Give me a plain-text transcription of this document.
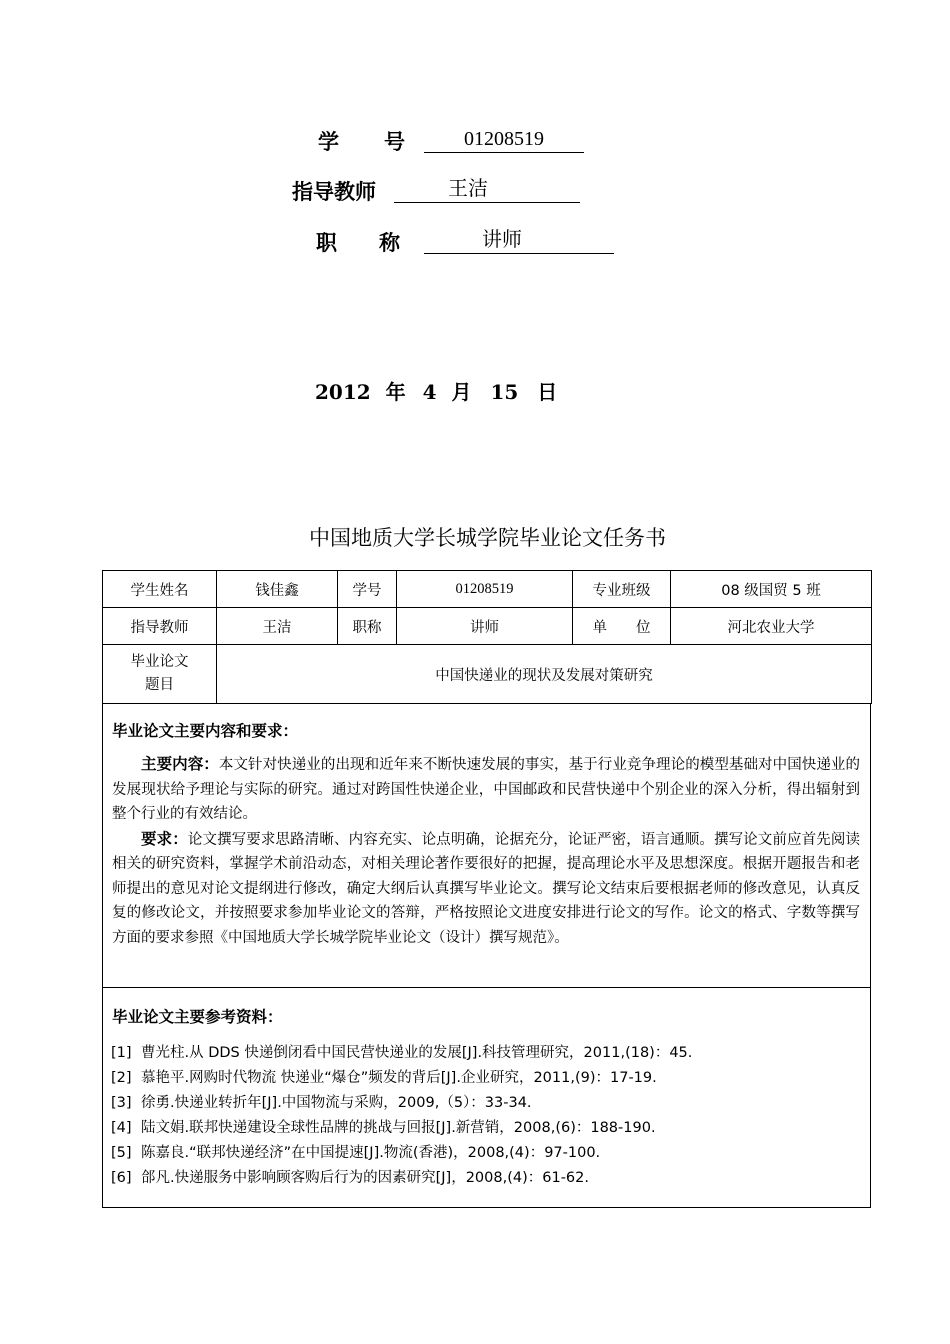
学　　号	01208519
指导教师	王洁
职　　称	讲师
2012 年 4 月 15 日
中国地质大学长城学院毕业论文任务书
学生姓名	钱佳鑫	学号	01208519	专业班级	08 级国贸 5 班
指导教师	王洁	职称	讲师	单　　位	河北农业大学
毕业论文
题目	中国快递业的现状及发展对策研究				
毕业论文主要内容和要求：
主要内容：本文针对快递业的出现和近年来不断快速发展的事实，基于行业竞争理论的模型基础对中国快递业的发展现状给予理论与实际的研究。通过对跨国性快递企业，中国邮政和民营快递中个别企业的深入分析，得出辐射到整个行业的有效结论。
要求：论文撰写要求思路清晰、内容充实、论点明确，论据充分，论证严密，语言通顺。撰写论文前应首先阅读相关的研究资料，掌握学术前沿动态，对相关理论著作要很好的把握，提高理论水平及思想深度。根据开题报告和老师提出的意见对论文提纲进行修改，确定大纲后认真撰写毕业论文。撰写论文结束后要根据老师的修改意见，认真反复的修改论文，并按照要求参加毕业论文的答辩，严格按照论文进度安排进行论文的写作。论文的格式、字数等撰写方面的要求参照《中国地质大学长城学院毕业论文（设计）撰写规范》。
毕业论文主要参考资料：
[1] 曹光柱.从 DDS 快递倒闭看中国民营快递业的发展[J].科技管理研究，2011,(18)：45.
[2] 慕艳平.网购时代物流 快递业“爆仓”频发的背后[J].企业研究，2011,(9)：17-19.
[3] 徐勇.快递业转折年[J].中国物流与采购，2009,（5）：33-34.
[4] 陆文娟.联邦快递建设全球性品牌的挑战与回报[J].新营销，2008,(6)：188-190.
[5] 陈嘉良.“联邦快递经济”在中国提速[J].物流(香港)，2008,(4)：97-100.
[6] 郃凡.快递服务中影响顾客购后行为的因素研究[J]，2008,(4)：61-62.
